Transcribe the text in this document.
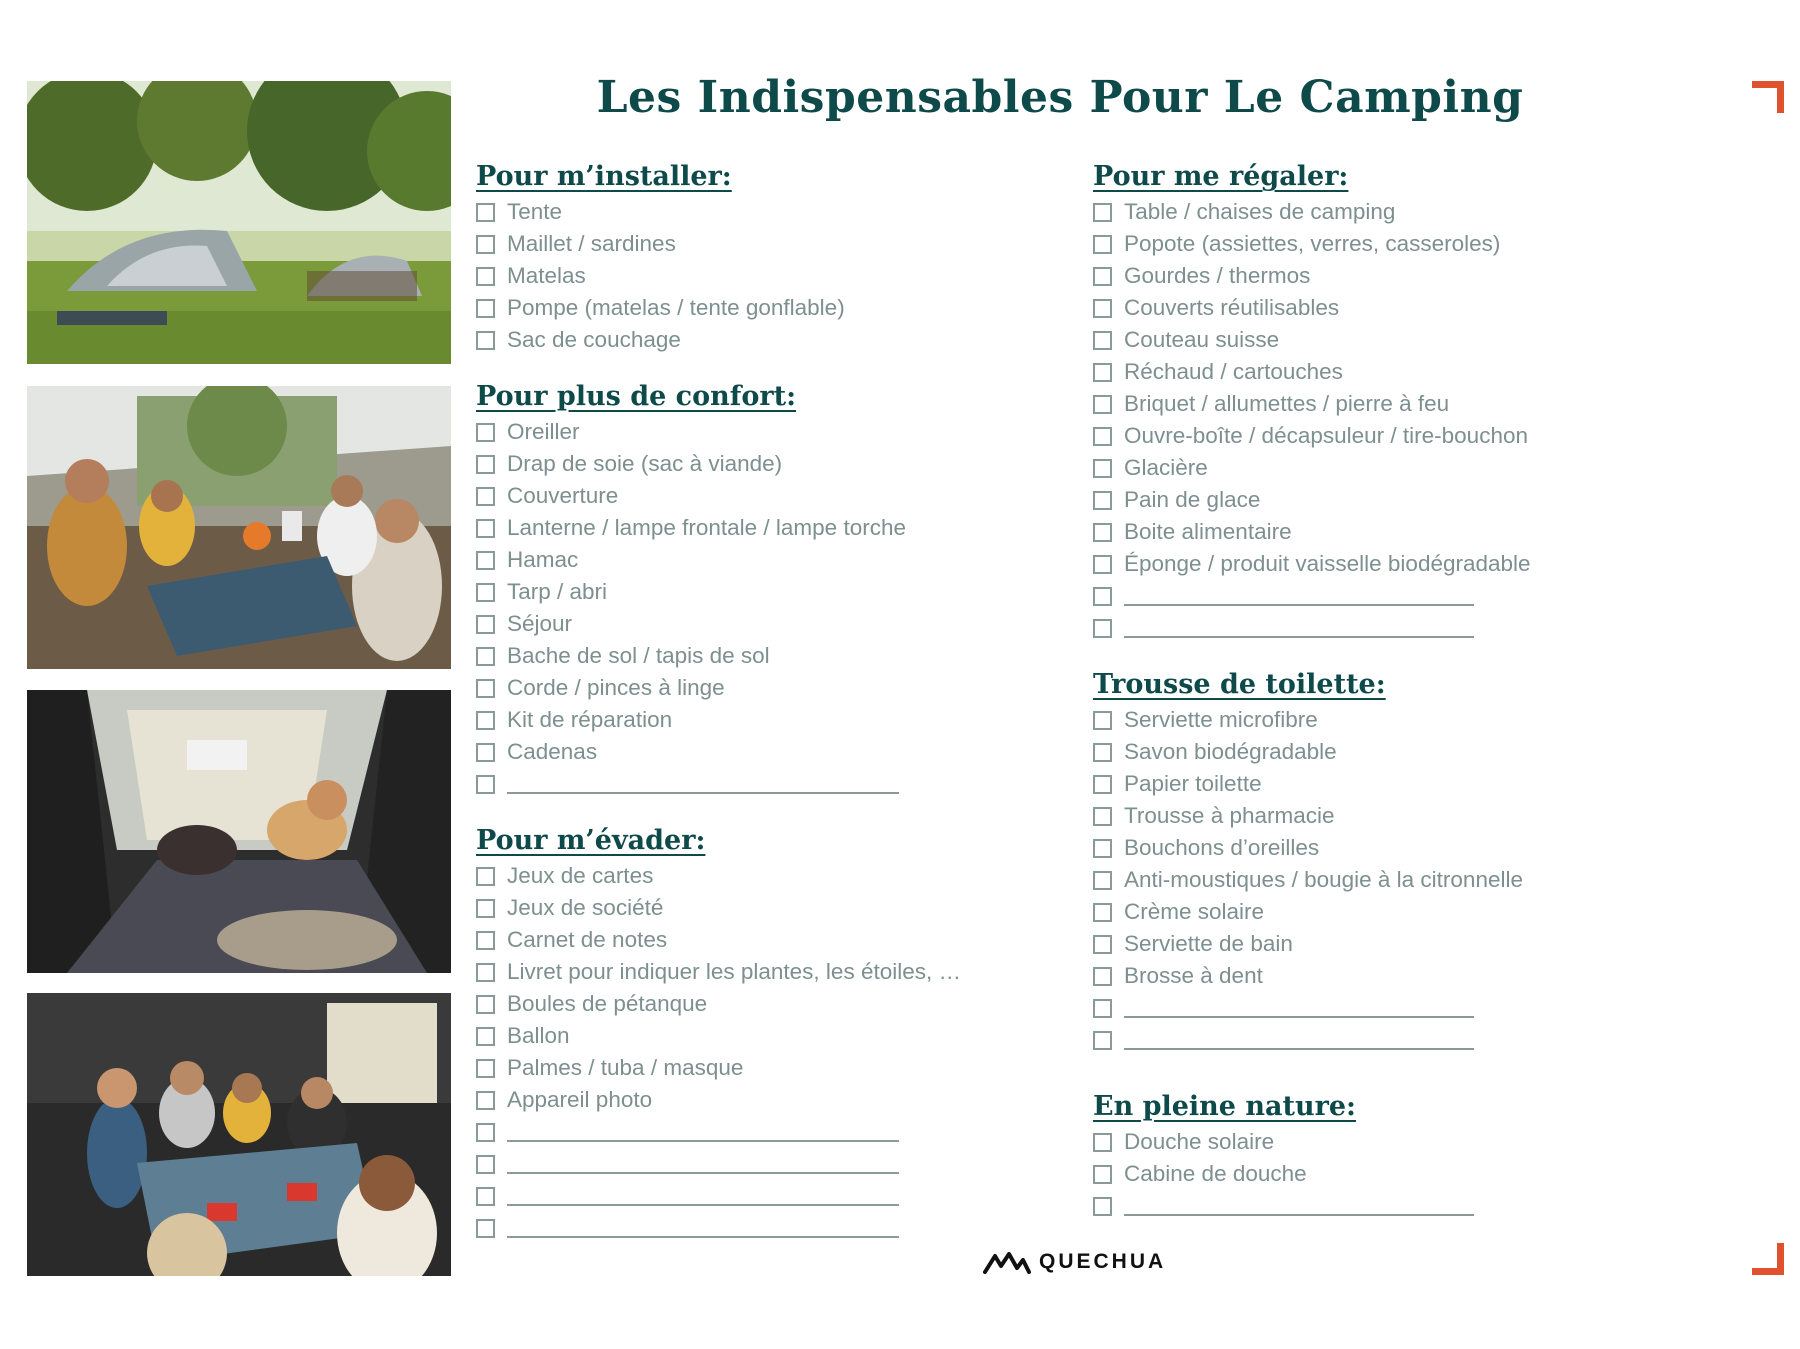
Les Indispensables Pour Le Camping
Pour m’installer:
Tente
Maillet / sardines
Matelas
Pompe (matelas / tente gonflable)
Sac de couchage
Pour plus de confort:
Oreiller
Drap de soie (sac à viande)
Couverture
Lanterne / lampe frontale / lampe torche
Hamac
Tarp / abri
Séjour
Bache de sol / tapis de sol
Corde / pinces à linge
Kit de réparation
Cadenas
Pour m’évader:
Jeux de cartes
Jeux de société
Carnet de notes
Livret pour indiquer les plantes, les étoiles, …
Boules de pétanque
Ballon
Palmes / tuba / masque
Appareil photo
Pour me régaler:
Table / chaises de camping
Popote (assiettes, verres, casseroles)
Gourdes / thermos
Couverts réutilisables
Couteau suisse
Réchaud / cartouches
Briquet / allumettes / pierre à feu
Ouvre-boîte / décapsuleur / tire-bouchon
Glacière
Pain de glace
Boite alimentaire
Éponge / produit vaisselle biodégradable
Trousse de toilette:
Serviette microfibre
Savon biodégradable
Papier toilette
Trousse à pharmacie
Bouchons d’oreilles
Anti-moustiques / bougie à la citronnelle
Crème solaire
Serviette de bain
Brosse à dent
En pleine nature:
Douche solaire
Cabine de douche
QUECHUA
